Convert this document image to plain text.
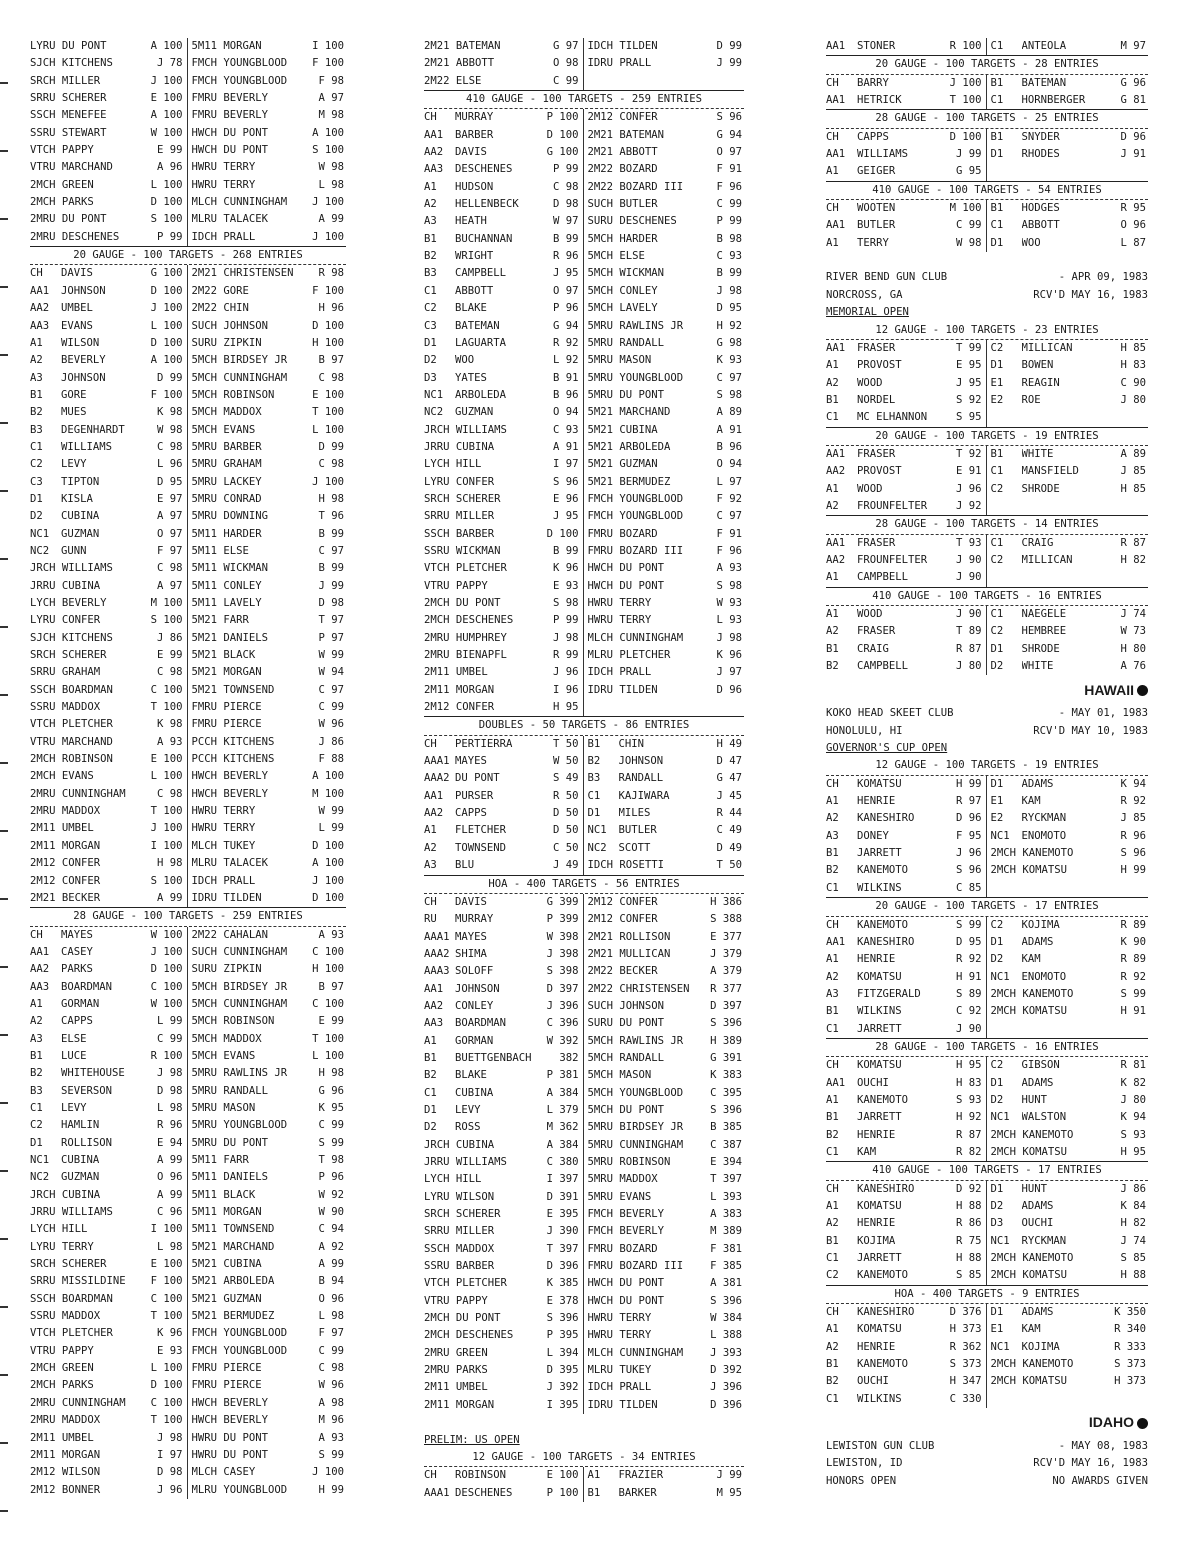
LYRU DU PONT	A 100 5M11 MORGAN	I 100
SJCH KITCHENS	J 78 FMCH YOUNGBLOOD	F 100
SRCH MILLER	J 100 FMCH YOUNGBLOOD	F 98
SRRU SCHERER	E 100 FMRU BEVERLY	A 97
SSCH MENEFEE	A 100 FMRU BEVERLY	M 98
SSRU STEWART	W 100 HWCH DU PONT	A 100
VTCH PAPPY	E 99 HWCH DU PONT	S 100
VTRU MARCHAND	A 96 HWRU TERRY	W 98
2MCH GREEN	L 100 HWRU TERRY	L 98
2MCH PARKS	D 100 MLCH CUNNINGHAM	J 100
2MRU DU PONT	S 100 MLRU TALACEK	A 99
2MRU DESCHENES	P 99 IDCH PRALL	J 100
20 GAUGE - 100 TARGETS - 268 ENTRIES
CH	DAVIS	G 100 2M21 CHRISTENSEN	R 98
AA1	JOHNSON	D 100 2M22 GORE	F 100
AA2	UMBEL	J 100 2M22 CHIN	H 96
AA3	EVANS	L 100 SUCH JOHNSON	D 100
A1	WILSON	D 100 SURU ZIPKIN	H 100
A2	BEVERLY	A 100 5MCH BIRDSEY JR	B 97
A3	JOHNSON	D 99 5MCH CUNNINGHAM	C 98
B1	GORE	F 100 5MCH ROBINSON	E 100
B2	MUES	K 98 5MCH MADDOX	T 100
B3	DEGENHARDT	W 98 5MCH EVANS	L 100
C1	WILLIAMS	C 98 5MRU BARBER	D 99
C2	LEVY	L 96 5MRU GRAHAM	C 98
C3	TIPTON	D 95 5MRU LACKEY	J 100
D1	KISLA	E 97 5MRU CONRAD	H 98
D2	CUBINA	A 97 5MRU DOWNING	T 96
NC1	GUZMAN	O 97 5M11 HARDER	B 99
NC2	GUNN	F 97 5M11 ELSE	C 97
JRCH WILLIAMS	C 98 5M11 WICKMAN	B 99
JRRU CUBINA	A 97 5M11 CONLEY	J 99
LYCH BEVERLY	M 100 5M11 LAVELY	D 98
LYRU CONFER	S 100 5M21 FARR	T 97
SJCH KITCHENS	J 86 5M21 DANIELS	P 97
SRCH SCHERER	E 99 5M21 BLACK	W 99
SRRU GRAHAM	C 98 5M21 MORGAN	W 94
SSCH BOARDMAN	C 100 5M21 TOWNSEND	C 97
SSRU MADDOX	T 100 FMRU PIERCE	C 99
VTCH PLETCHER	K 98 FMRU PIERCE	W 96
VTRU MARCHAND	A 93 PCCH KITCHENS	J 86
2MCH ROBINSON	E 100 PCCH KITCHENS	F 88
2MCH EVANS	L 100 HWCH BEVERLY	A 100
2MRU CUNNINGHAM	C 98 HWCH BEVERLY	M 100
2MRU MADDOX	T 100 HWRU TERRY	W 99
2M11 UMBEL	J 100 HWRU TERRY	L 99
2M11 MORGAN	I 100 MLCH TUKEY	D 100
2M12 CONFER	H 98 MLRU TALACEK	A 100
2M12 CONFER	S 100 IDCH PRALL	J 100
2M21 BECKER	A 99 IDRU TILDEN	D 100
28 GAUGE - 100 TARGETS - 259 ENTRIES
CH	MAYES	W 100 2M22 CAHALAN	A 93
AA1	CASEY	J 100 SUCH CUNNINGHAM	C 100
AA2	PARKS	D 100 SURU ZIPKIN	H 100
AA3	BOARDMAN	C 100 5MCH BIRDSEY JR	B 97
A1	GORMAN	W 100 5MCH CUNNINGHAM	C 100
A2	CAPPS	L 99 5MCH ROBINSON	E 99
A3	ELSE	C 99 5MCH MADDOX	T 100
B1	LUCE	R 100 5MCH EVANS	L 100
B2	WHITEHOUSE	J 98 5MRU RAWLINS JR	H 98
B3	SEVERSON	D 98 5MRU RANDALL	G 96
C1	LEVY	L 98 5MRU MASON	K 95
C2	HAMLIN	R 96 5MRU YOUNGBLOOD	C 99
D1	ROLLISON	E 94 5MRU DU PONT	S 99
NC1	CUBINA	A 99 5M11 FARR	T 98
NC2	GUZMAN	O 96 5M11 DANIELS	P 96
JRCH CUBINA	A 99 5M11 BLACK	W 92
JRRU WILLIAMS	C 96 5M11 MORGAN	W 90
LYCH HILL	I 100 5M11 TOWNSEND	C 94
LYRU TERRY	L 98 5M21 MARCHAND	A 92
SRCH SCHERER	E 100 5M21 CUBINA	A 99
SRRU MISSILDINE	F 100 5M21 ARBOLEDA	B 94
SSCH BOARDMAN	C 100 5M21 GUZMAN	O 96
SSRU MADDOX	T 100 5M21 BERMUDEZ	L 98
VTCH PLETCHER	K 96 FMCH YOUNGBLOOD	F 97
VTRU PAPPY	E 93 FMCH YOUNGBLOOD	C 99
2MCH GREEN	L 100 FMRU PIERCE	C 98
2MCH PARKS	D 100 FMRU PIERCE	W 96
2MRU CUNNINGHAM	C 100 HWCH BEVERLY	A 98
2MRU MADDOX	T 100 HWCH BEVERLY	M 96
2M11 UMBEL	J 98 HWRU DU PONT	A 93
2M11 MORGAN	I 97 HWRU DU PONT	S 99
2M12 WILSON	D 98 MLCH CASEY	J 100
2M12 BONNER	J 96 MLRU YOUNGBLOOD	H 99
2M21 BATEMAN	G 97 IDCH TILDEN	D 99
2M21 ABBOTT	O 98 IDRU PRALL	J 99
2M22 ELSE	C 99
410 GAUGE - 100 TARGETS - 259 ENTRIES
CH	MURRAY	P 100 2M12 CONFER	S 96
AA1	BARBER	D 100 2M21 BATEMAN	G 94
AA2	DAVIS	G 100 2M21 ABBOTT	O 97
AA3	DESCHENES	P 99 2M22 BOZARD	F 91
A1	HUDSON	C 98 2M22 BOZARD III	F 96
A2	HELLENBECK	D 98 SUCH BUTLER	C 99
A3	HEATH	W 97 SURU DESCHENES	P 99
B1	BUCHANNAN	B 99 5MCH HARDER	B 98
B2	WRIGHT	R 96 5MCH ELSE	C 93
B3	CAMPBELL	J 95 5MCH WICKMAN	B 99
C1	ABBOTT	O 97 5MCH CONLEY	J 98
C2	BLAKE	P 96 5MCH LAVELY	D 95
C3	BATEMAN	G 94 5MRU RAWLINS JR	H 92
D1	LAGUARTA	R 92 5MRU RANDALL	G 98
D2	WOO	L 92 5MRU MASON	K 93
D3	YATES	B 91 5MRU YOUNGBLOOD	C 97
NC1	ARBOLEDA	B 96 5MRU DU PONT	S 98
NC2	GUZMAN	O 94 5M21 MARCHAND	A 89
JRCH WILLIAMS	C 93 5M21 CUBINA	A 91
JRRU CUBINA	A 91 5M21 ARBOLEDA	B 96
LYCH HILL	I 97 5M21 GUZMAN	O 94
LYRU CONFER	S 96 5M21 BERMUDEZ	L 97
SRCH SCHERER	E 96 FMCH YOUNGBLOOD	F 92
SRRU MILLER	J 95 FMCH YOUNGBLOOD	C 97
SSCH BARBER	D 100 FMRU BOZARD	F 91
SSRU WICKMAN	B 99 FMRU BOZARD III	F 96
VTCH PLETCHER	K 96 HWCH DU PONT	A 93
VTRU PAPPY	E 93 HWCH DU PONT	S 98
2MCH DU PONT	S 98 HWRU TERRY	W 93
2MCH DESCHENES	P 99 HWRU TERRY	L 93
2MRU HUMPHREY	J 98 MLCH CUNNINGHAM	J 98
2MRU BIENAPFL	R 99 MLRU PLETCHER	K 96
2M11 UMBEL	J 96 IDCH PRALL	J 97
2M11 MORGAN	I 96 IDRU TILDEN	D 96
2M12 CONFER	H 95
DOUBLES - 50 TARGETS - 86 ENTRIES
CH	PERTIERRA	T 50 B1	CHIN	H 49
AAA1 MAYES	W 50 B2	JOHNSON	D 47
AAA2 DU PONT	S 49 B3	RANDALL	G 47
AA1	PURSER	R 50 C1	KAJIWARA	J 45
AA2	CAPPS	D 50 D1	MILES	R 44
A1	FLETCHER	D 50 NC1	BUTLER	C 49
A2	TOWNSEND	C 50 NC2	SCOTT	D 49
A3	BLU	J 49 IDCH ROSETTI	T 50
HOA - 400 TARGETS - 56 ENTRIES
CH	DAVIS	G 399 2M12 CONFER	H 386
RU	MURRAY	P 399 2M12 CONFER	S 388
AAA1 MAYES	W 398 2M21 ROLLISON	E 377
AAA2 SHIMA	J 398 2M21 MULLICAN	J 379
AAA3 SOLOFF	S 398 2M22 BECKER	A 379
AA1	JOHNSON	D 397 2M22 CHRISTENSEN	R 377
AA2	CONLEY	J 396 SUCH JOHNSON	D 397
AA3	BOARDMAN	C 396 SURU DU PONT	S 396
A1	GORMAN	W 392 5MCH RAWLINS JR	H 389
B1	BUETTGENBACH	382 5MCH RANDALL	G 391
B2	BLAKE	P 381 5MCH MASON	K 383
C1	CUBINA	A 384 5MCH YOUNGBLOOD	C 395
D1	LEVY	L 379 5MCH DU PONT	S 396
D2	ROSS	M 362 5MRU BIRDSEY JR	B 385
JRCH CUBINA	A 384 5MRU CUNNINGHAM	C 387
JRRU WILLIAMS	C 380 5MRU ROBINSON	E 394
LYCH HILL	I 397 5MRU MADDOX	T 397
LYRU WILSON	D 391 5MRU EVANS	L 393
SRCH SCHERER	E 395 FMCH BEVERLY	A 383
SRRU MILLER	J 390 FMCH BEVERLY	M 389
SSCH MADDOX	T 397 FMRU BOZARD	F 381
SSRU BARBER	D 396 FMRU BOZARD III	F 385
VTCH PLETCHER	K 385 HWCH DU PONT	A 381
VTRU PAPPY	E 378 HWCH DU PONT	S 396
2MCH DU PONT	S 396 HWRU TERRY	W 384
2MCH DESCHENES	P 395 HWRU TERRY	L 388
2MRU GREEN	L 394 MLCH CUNNINGHAM	J 393
2MRU PARKS	D 395 MLRU TUKEY	D 392
2M11 UMBEL	J 392 IDCH PRALL	J 396
2M11 MORGAN	I 395 IDRU TILDEN	D 396
PRELIM: US OPEN
12 GAUGE - 100 TARGETS - 34 ENTRIES
CH	ROBINSON	E 100 A1	FRAZIER	J 99
AAA1 DESCHENES	P 100 B1	BARKER	M 95
AA1	STONER	R 100 C1	ANTEOLA	M 97
20 GAUGE - 100 TARGETS - 28 ENTRIES
CH	BARRY	J 100 B1	BATEMAN	G 96
AA1	HETRICK	T 100 C1	HORNBERGER	G 81
28 GAUGE - 100 TARGETS - 25 ENTRIES
CH	CAPPS	D 100 B1	SNYDER	D 96
AA1	WILLIAMS	J 99 D1	RHODES	J 91
A1	GEIGER	G 95
410 GAUGE - 100 TARGETS - 54 ENTRIES
CH	WOOTEN	M 100 B1	HODGES	R 95
AA1	BUTLER	C 99 C1	ABBOTT	O 96
A1	TERRY	W 98 D1	WOO	L 87
RIVER BEND GUN CLUB	- APR 09, 1983
NORCROSS, GA	RCV'D MAY 16, 1983
MEMORIAL OPEN
12 GAUGE - 100 TARGETS - 23 ENTRIES
AA1	FRASER	T 99 C2	MILLICAN	H 85
A1	PROVOST	E 95 D1	BOWEN	H 83
A2	WOOD	J 95 E1	REAGIN	C 90
B1	NORDEL	S 92 E2	ROE	J 80
C1	MC ELHANNON	S 95
20 GAUGE - 100 TARGETS - 19 ENTRIES
AA1	FRASER	T 92 B1	WHITE	A 89
AA2	PROVOST	E 91 C1	MANSFIELD	J 85
A1	WOOD	J 96 C2	SHRODE	H 85
A2	FROUNFELTER	J 92
28 GAUGE - 100 TARGETS - 14 ENTRIES
AA1	FRASER	T 93 C1	CRAIG	R 87
AA2	FROUNFELTER	J 90 C2	MILLICAN	H 82
A1	CAMPBELL	J 90
410 GAUGE - 100 TARGETS - 16 ENTRIES
A1	WOOD	J 90 C1	NAEGELE	J 74
A2	FRASER	T 89 C2	HEMBREE	W 73
B1	CRAIG	R 87 D1	SHRODE	H 80
B2	CAMPBELL	J 80 D2	WHITE	A 76
HAWAII
KOKO HEAD SKEET CLUB	- MAY 01, 1983
HONOLULU, HI	RCV'D MAY 10, 1983
GOVERNOR'S CUP OPEN
12 GAUGE - 100 TARGETS - 19 ENTRIES
CH	KOMATSU	H 99 D1	ADAMS	K 94
A1	HENRIE	R 97 E1	KAM	R 92
A2	KANESHIRO	D 96 E2	RYCKMAN	J 85
A3	DONEY	F 95 NC1	ENOMOTO	R 96
B1	JARRETT	J 96 2MCH KANEMOTO	S 96
B2	KANEMOTO	S 96 2MCH KOMATSU	H 99
C1	WILKINS	C 85
20 GAUGE - 100 TARGETS - 17 ENTRIES
CH	KANEMOTO	S 99 C2	KOJIMA	R 89
AA1	KANESHIRO	D 95 D1	ADAMS	K 90
A1	HENRIE	R 92 D2	KAM	R 89
A2	KOMATSU	H 91 NC1	ENOMOTO	R 92
A3	FITZGERALD	S 89 2MCH KANEMOTO	S 99
B1	WILKINS	C 92 2MCH KOMATSU	H 91
C1	JARRETT	J 90
28 GAUGE - 100 TARGETS - 16 ENTRIES
CH	KOMATSU	H 95 C2	GIBSON	R 81
AA1	OUCHI	H 83 D1	ADAMS	K 82
A1	KANEMOTO	S 93 D2	HUNT	J 80
B1	JARRETT	H 92 NC1	WALSTON	K 94
B2	HENRIE	R 87 2MCH KANEMOTO	S 93
C1	KAM	R 82 2MCH KOMATSU	H 95
410 GAUGE - 100 TARGETS - 17 ENTRIES
CH	KANESHIRO	D 92 D1	HUNT	J 86
A1	KOMATSU	H 88 D2	ADAMS	K 84
A2	HENRIE	R 86 D3	OUCHI	H 82
B1	KOJIMA	R 75 NC1	RYCKMAN	J 74
C1	JARRETT	H 88 2MCH KANEMOTO	S 85
C2	KANEMOTO	S 85 2MCH KOMATSU	H 88
HOA - 400 TARGETS - 9 ENTRIES
CH	KANESHIRO	D 376 D1	ADAMS	K 350
A1	KOMATSU	H 373 E1	KAM	R 340
A2	HENRIE	R 362 NC1	KOJIMA	R 333
B1	KANEMOTO	S 373 2MCH KANEMOTO	S 373
B2	OUCHI	H 347 2MCH KOMATSU	H 373
C1	WILKINS	C 330
IDAHO
LEWISTON GUN CLUB	- MAY 08, 1983
LEWISTON, ID	RCV'D MAY 16, 1983
HONORS OPEN	NO AWARDS GIVEN
